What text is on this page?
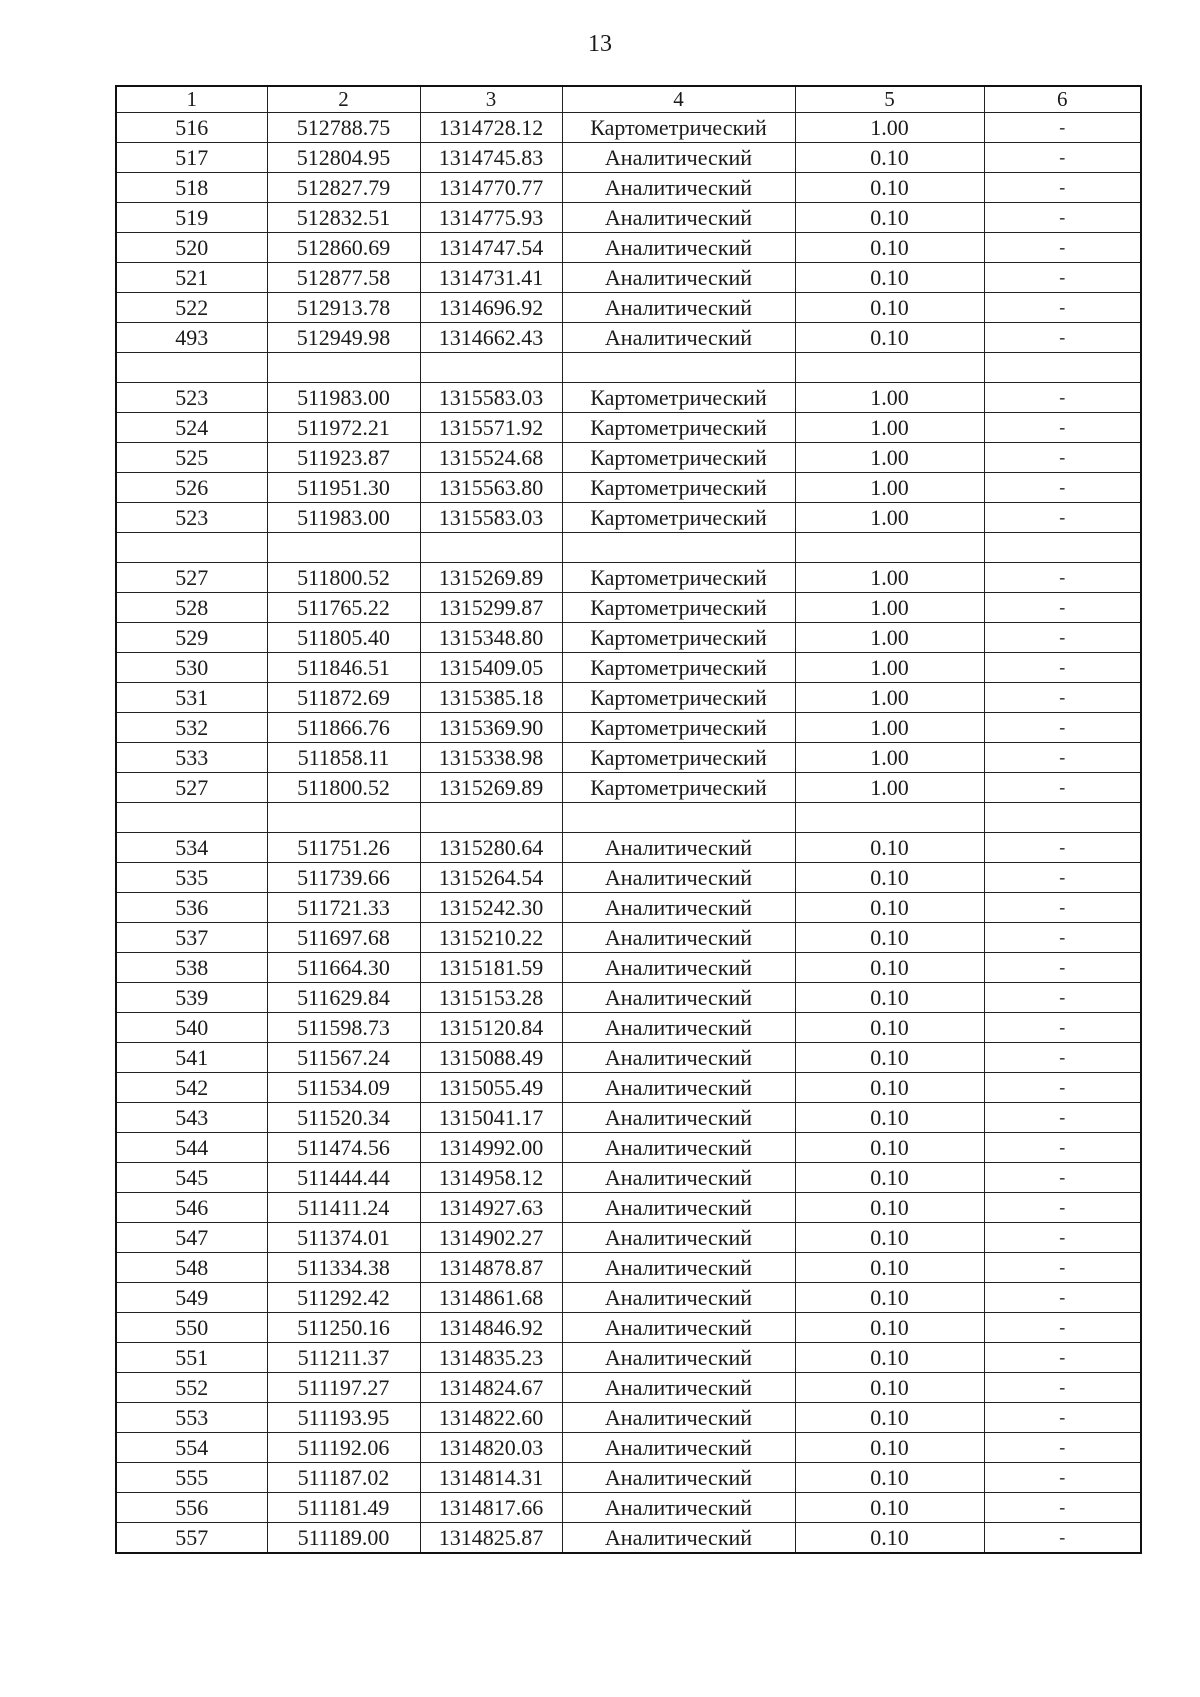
13
1	2	3	4	5	6
516	512788.75	1314728.12	Картометрический	1.00	-
517	512804.95	1314745.83	Аналитический	0.10	-
518	512827.79	1314770.77	Аналитический	0.10	-
519	512832.51	1314775.93	Аналитический	0.10	-
520	512860.69	1314747.54	Аналитический	0.10	-
521	512877.58	1314731.41	Аналитический	0.10	-
522	512913.78	1314696.92	Аналитический	0.10	-
493	512949.98	1314662.43	Аналитический	0.10	-

523	511983.00	1315583.03	Картометрический	1.00	-
524	511972.21	1315571.92	Картометрический	1.00	-
525	511923.87	1315524.68	Картометрический	1.00	-
526	511951.30	1315563.80	Картометрический	1.00	-
523	511983.00	1315583.03	Картометрический	1.00	-

527	511800.52	1315269.89	Картометрический	1.00	-
528	511765.22	1315299.87	Картометрический	1.00	-
529	511805.40	1315348.80	Картометрический	1.00	-
530	511846.51	1315409.05	Картометрический	1.00	-
531	511872.69	1315385.18	Картометрический	1.00	-
532	511866.76	1315369.90	Картометрический	1.00	-
533	511858.11	1315338.98	Картометрический	1.00	-
527	511800.52	1315269.89	Картометрический	1.00	-

534	511751.26	1315280.64	Аналитический	0.10	-
535	511739.66	1315264.54	Аналитический	0.10	-
536	511721.33	1315242.30	Аналитический	0.10	-
537	511697.68	1315210.22	Аналитический	0.10	-
538	511664.30	1315181.59	Аналитический	0.10	-
539	511629.84	1315153.28	Аналитический	0.10	-
540	511598.73	1315120.84	Аналитический	0.10	-
541	511567.24	1315088.49	Аналитический	0.10	-
542	511534.09	1315055.49	Аналитический	0.10	-
543	511520.34	1315041.17	Аналитический	0.10	-
544	511474.56	1314992.00	Аналитический	0.10	-
545	511444.44	1314958.12	Аналитический	0.10	-
546	511411.24	1314927.63	Аналитический	0.10	-
547	511374.01	1314902.27	Аналитический	0.10	-
548	511334.38	1314878.87	Аналитический	0.10	-
549	511292.42	1314861.68	Аналитический	0.10	-
550	511250.16	1314846.92	Аналитический	0.10	-
551	511211.37	1314835.23	Аналитический	0.10	-
552	511197.27	1314824.67	Аналитический	0.10	-
553	511193.95	1314822.60	Аналитический	0.10	-
554	511192.06	1314820.03	Аналитический	0.10	-
555	511187.02	1314814.31	Аналитический	0.10	-
556	511181.49	1314817.66	Аналитический	0.10	-
557	511189.00	1314825.87	Аналитический	0.10	-
